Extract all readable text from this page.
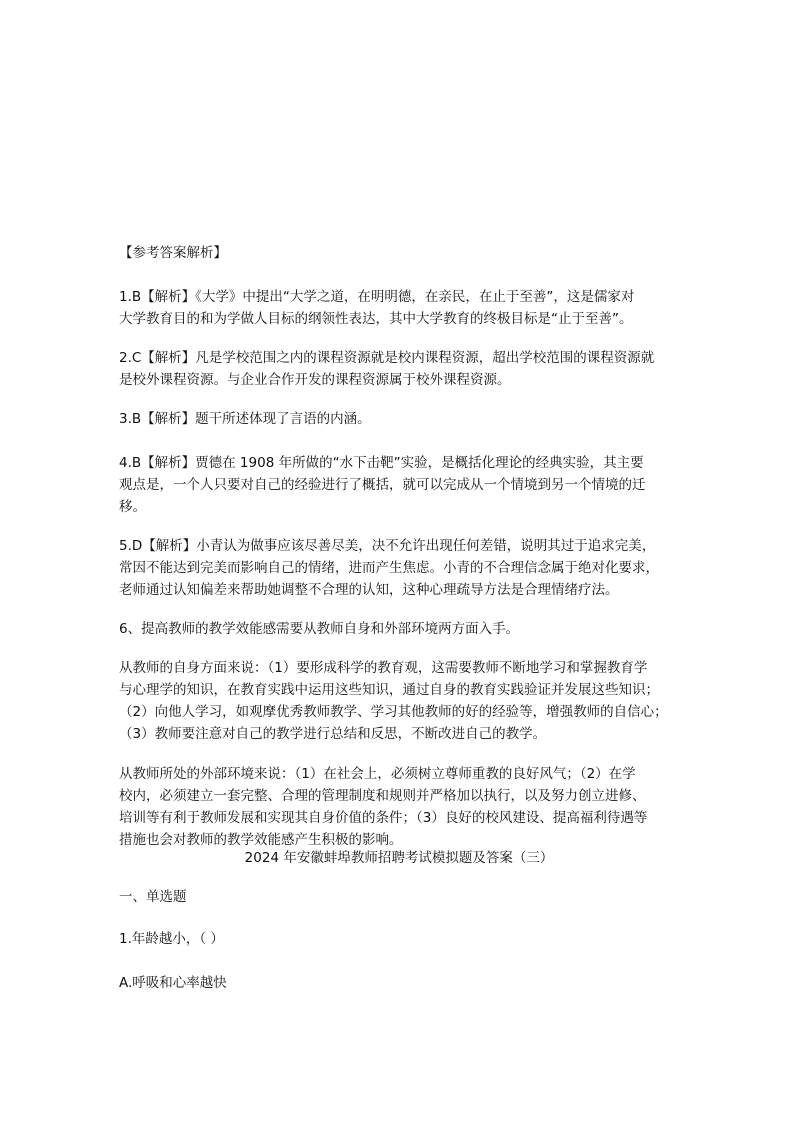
【参考答案解析】
1.B【解析】《大学》中提出“大学之道，在明明德，在亲民，在止于至善”，这是儒家对
大学教育目的和为学做人目标的纲领性表达，其中大学教育的终极目标是“止于至善”。
2.C【解析】凡是学校范围之内的课程资源就是校内课程资源，超出学校范围的课程资源就
是校外课程资源。与企业合作开发的课程资源属于校外课程资源。
3.B【解析】题干所述体现了言语的内涵。
4.B【解析】贾德在 1908 年所做的“水下击靶”实验，是概括化理论的经典实验，其主要
观点是，一个人只要对自己的经验进行了概括，就可以完成从一个情境到另一个情境的迁
移。
5.D【解析】小青认为做事应该尽善尽美，决不允许出现任何差错，说明其过于追求完美，
常因不能达到完美而影响自己的情绪，进而产生焦虑。小青的不合理信念属于绝对化要求，
老师通过认知偏差来帮助她调整不合理的认知，这种心理疏导方法是合理情绪疗法。
6、提高教师的教学效能感需要从教师自身和外部环境两方面入手。
从教师的自身方面来说：（1）要形成科学的教育观，这需要教师不断地学习和掌握教育学
与心理学的知识，在教育实践中运用这些知识，通过自身的教育实践验证并发展这些知识；
（2）向他人学习，如观摩优秀教师教学、学习其他教师的好的经验等，增强教师的自信心；
（3）教师要注意对自己的教学进行总结和反思，不断改进自己的教学。
从教师所处的外部环境来说：（1）在社会上，必须树立尊师重教的良好风气；（2）在学
校内，必须建立一套完整、合理的管理制度和规则并严格加以执行，以及努力创立进修、
培训等有利于教师发展和实现其自身价值的条件；（3）良好的校风建设、提高福利待遇等
措施也会对教师的教学效能感产生积极的影响。
2024 年安徽蚌埠教师招聘考试模拟题及答案（三）
一、单选题
1.年龄越小，（ ）
A.呼吸和心率越快
